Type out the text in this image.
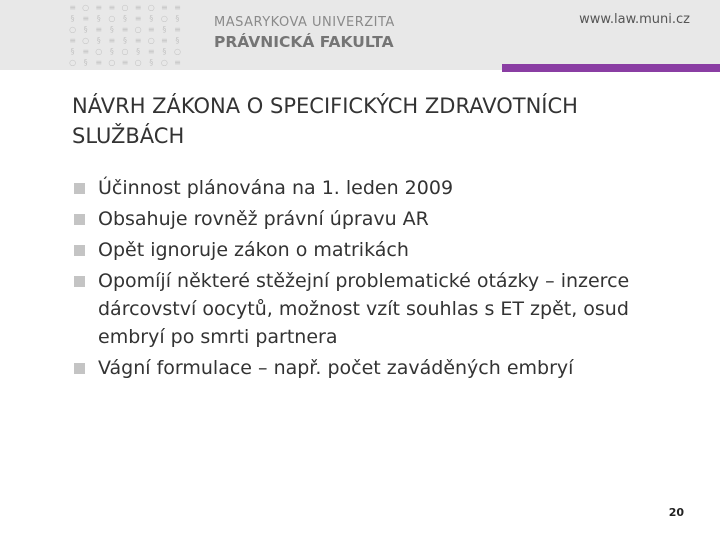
≡ ○ ≡ ≡ ○ ≡ ○ ≡ ≡
§ ≡ § ○ § ≡ § ○ §
○ § ≡ § ≡ ○ ≡ § ≡
≡ ○ § ≡ § ≡ ○ ≡ §
§ ≡ ○ § ○ § ≡ § ○
○ § ≡ ○ ≡ ○ § ○ ≡
MASARYKOVA UNIVERZITA
PRÁVNICKÁ FAKULTA
www.law.muni.cz
NÁVRH ZÁKONA O SPECIFICKÝCH ZDRAVOTNÍCH SLUŽBÁCH
Účinnost plánována na 1. leden 2009
Obsahuje rovněž právní úpravu AR
Opět ignoruje zákon o matrikách
Opomíjí některé stěžejní problematické otázky – inzerce dárcovství oocytů, možnost vzít souhlas s ET zpět, osud embryí po smrti partnera
Vágní formulace – např. počet zaváděných embryí
20
